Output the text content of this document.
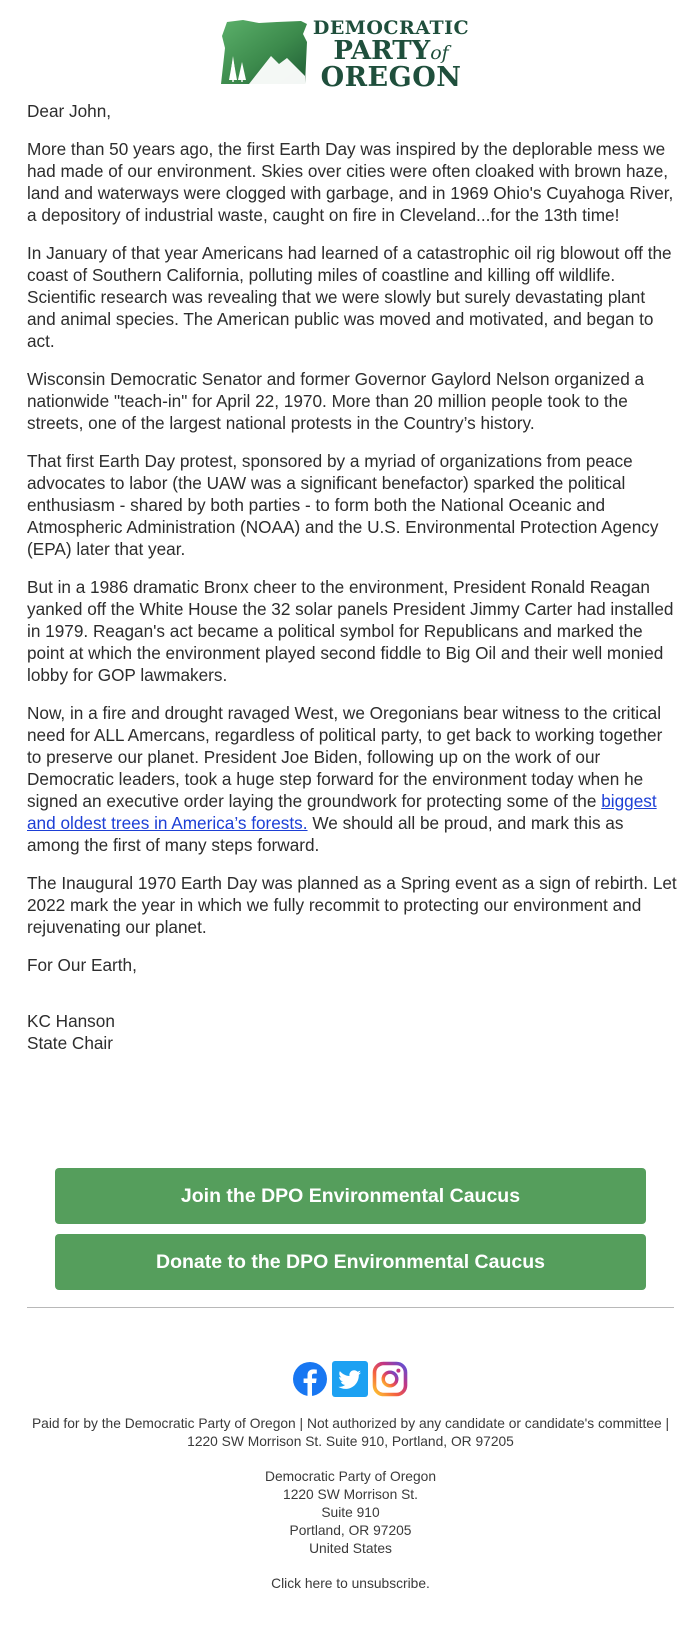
DEMOCRATIC
PARTYof
OREGON

Dear John,

More than 50 years ago, the first Earth Day was inspired by the deplorable mess we had made of our environment. Skies over cities were often cloaked with brown haze, land and waterways were clogged with garbage, and in 1969 Ohio's Cuyahoga River, a depository of industrial waste, caught on fire in Cleveland...for the 13th time!

In January of that year Americans had learned of a catastrophic oil rig blowout off the coast of Southern California, polluting miles of coastline and killing off wildlife. Scientific research was revealing that we were slowly but surely devastating plant and animal species. The American public was moved and motivated, and began to act.

Wisconsin Democratic Senator and former Governor Gaylord Nelson organized a nationwide "teach-in" for April 22, 1970. More than 20 million people took to the streets, one of the largest national protests in the Country’s history.

That first Earth Day protest, sponsored by a myriad of organizations from peace advocates to labor (the UAW was a significant benefactor) sparked the political enthusiasm - shared by both parties - to form both the National Oceanic and Atmospheric Administration (NOAA) and the U.S. Environmental Protection Agency (EPA) later that year.

But in a 1986 dramatic Bronx cheer to the environment, President Ronald Reagan yanked off the White House the 32 solar panels President Jimmy Carter had installed in 1979. Reagan's act became a political symbol for Republicans and marked the point at which the environment played second fiddle to Big Oil and their well monied lobby for GOP lawmakers.

Now, in a fire and drought ravaged West, we Oregonians bear witness to the critical need for ALL Amercans, regardless of political party, to get back to working together to preserve our planet. President Joe Biden, following up on the work of our Democratic leaders, took a huge step forward for the environment today when he signed an executive order laying the groundwork for protecting some of the biggest and oldest trees in America’s forests. We should all be proud, and mark this as among the first of many steps forward.

The Inaugural 1970 Earth Day was planned as a Spring event as a sign of rebirth. Let 2022 mark the year in which we fully recommit to protecting our environment and rejuvenating our planet.

For Our Earth,

KC Hanson
State Chair
Join the DPO Environmental Caucus
Donate to the DPO Environmental Caucus
Paid for by the Democratic Party of Oregon | Not authorized by any candidate or candidate's committee | 1220 SW Morrison St. Suite 910, Portland, OR 97205
Democratic Party of Oregon
1220 SW Morrison St.
Suite 910
Portland, OR 97205
United States
Click here to unsubscribe.
